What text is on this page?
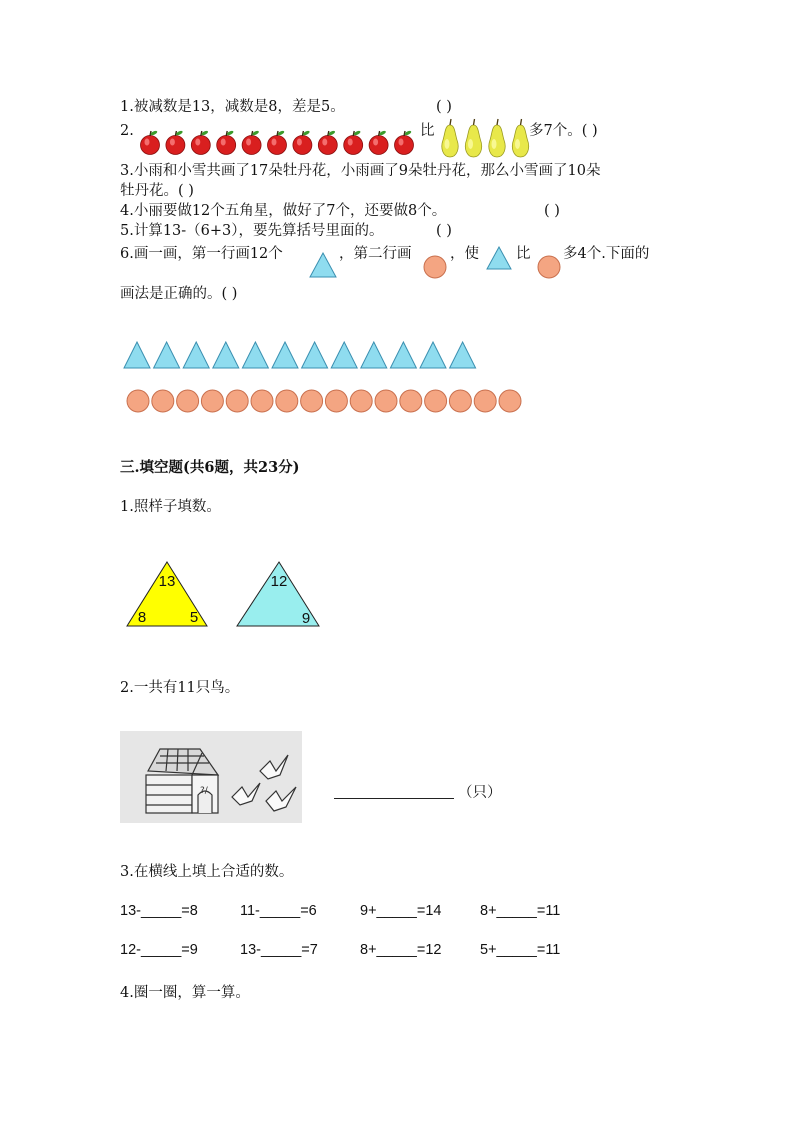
1.被减数是13，减数是8，差是5。	( )
2.	比	多7个。( )
3.小雨和小雪共画了17朵牡丹花，小雨画了9朵牡丹花，那么小雪画了10朵
牡丹花。( )
4.小丽要做12个五角星，做好了7个，还要做8个。	( )
5.计算13-（6+3），要先算括号里面的。	( )
6.画一画，第一行画12个	，第二行画	，使	比 多4个.下面的
画法是正确的。( )
三.填空题(共6题，共23分)
1.照样子填数。
13
8	5
12
9
2.一共有11只鸟。
?/	（只）
3.在横线上填上合适的数。
13-_____=8	11-_____=6	9+_____=14	8+_____=11
12-_____=9	13-_____=7	8+_____=12	5+_____=11
4.圈一圈，算一算。
